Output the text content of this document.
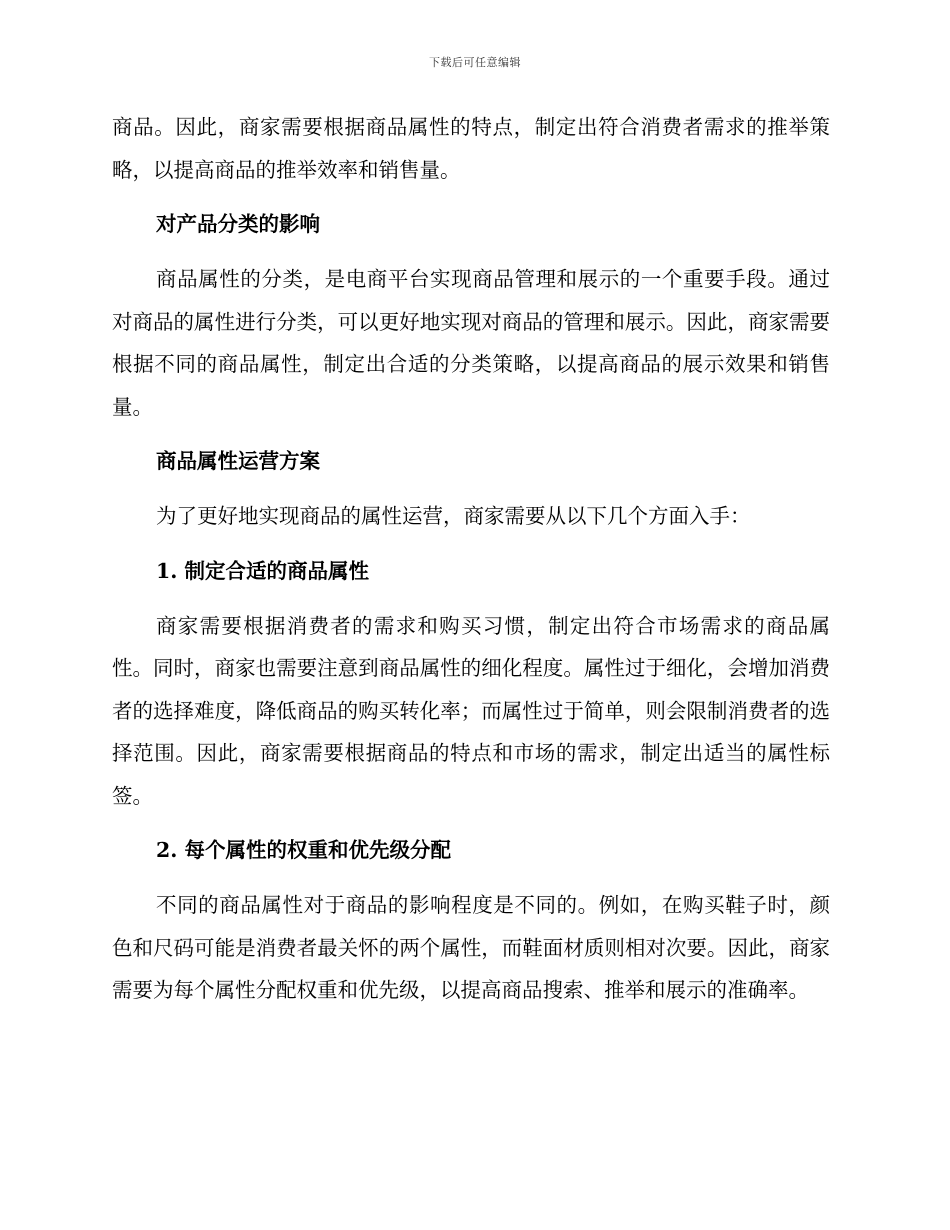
下载后可任意编辑

商品。因此，商家需要根据商品属性的特点，制定出符合消费者需求的推举策略，以提高商品的推举效率和销售量。

对产品分类的影响

商品属性的分类，是电商平台实现商品管理和展示的一个重要手段。通过对商品的属性进行分类，可以更好地实现对商品的管理和展示。因此，商家需要根据不同的商品属性，制定出合适的分类策略，以提高商品的展示效果和销售量。

商品属性运营方案

为了更好地实现商品的属性运营，商家需要从以下几个方面入手：

1. 制定合适的商品属性

商家需要根据消费者的需求和购买习惯，制定出符合市场需求的商品属性。同时，商家也需要注意到商品属性的细化程度。属性过于细化，会增加消费者的选择难度，降低商品的购买转化率；而属性过于简单，则会限制消费者的选择范围。因此，商家需要根据商品的特点和市场的需求，制定出适当的属性标签。

2. 每个属性的权重和优先级分配

不同的商品属性对于商品的影响程度是不同的。例如，在购买鞋子时，颜色和尺码可能是消费者最关怀的两个属性，而鞋面材质则相对次要。因此，商家需要为每个属性分配权重和优先级，以提高商品搜索、推举和展示的准确率。
